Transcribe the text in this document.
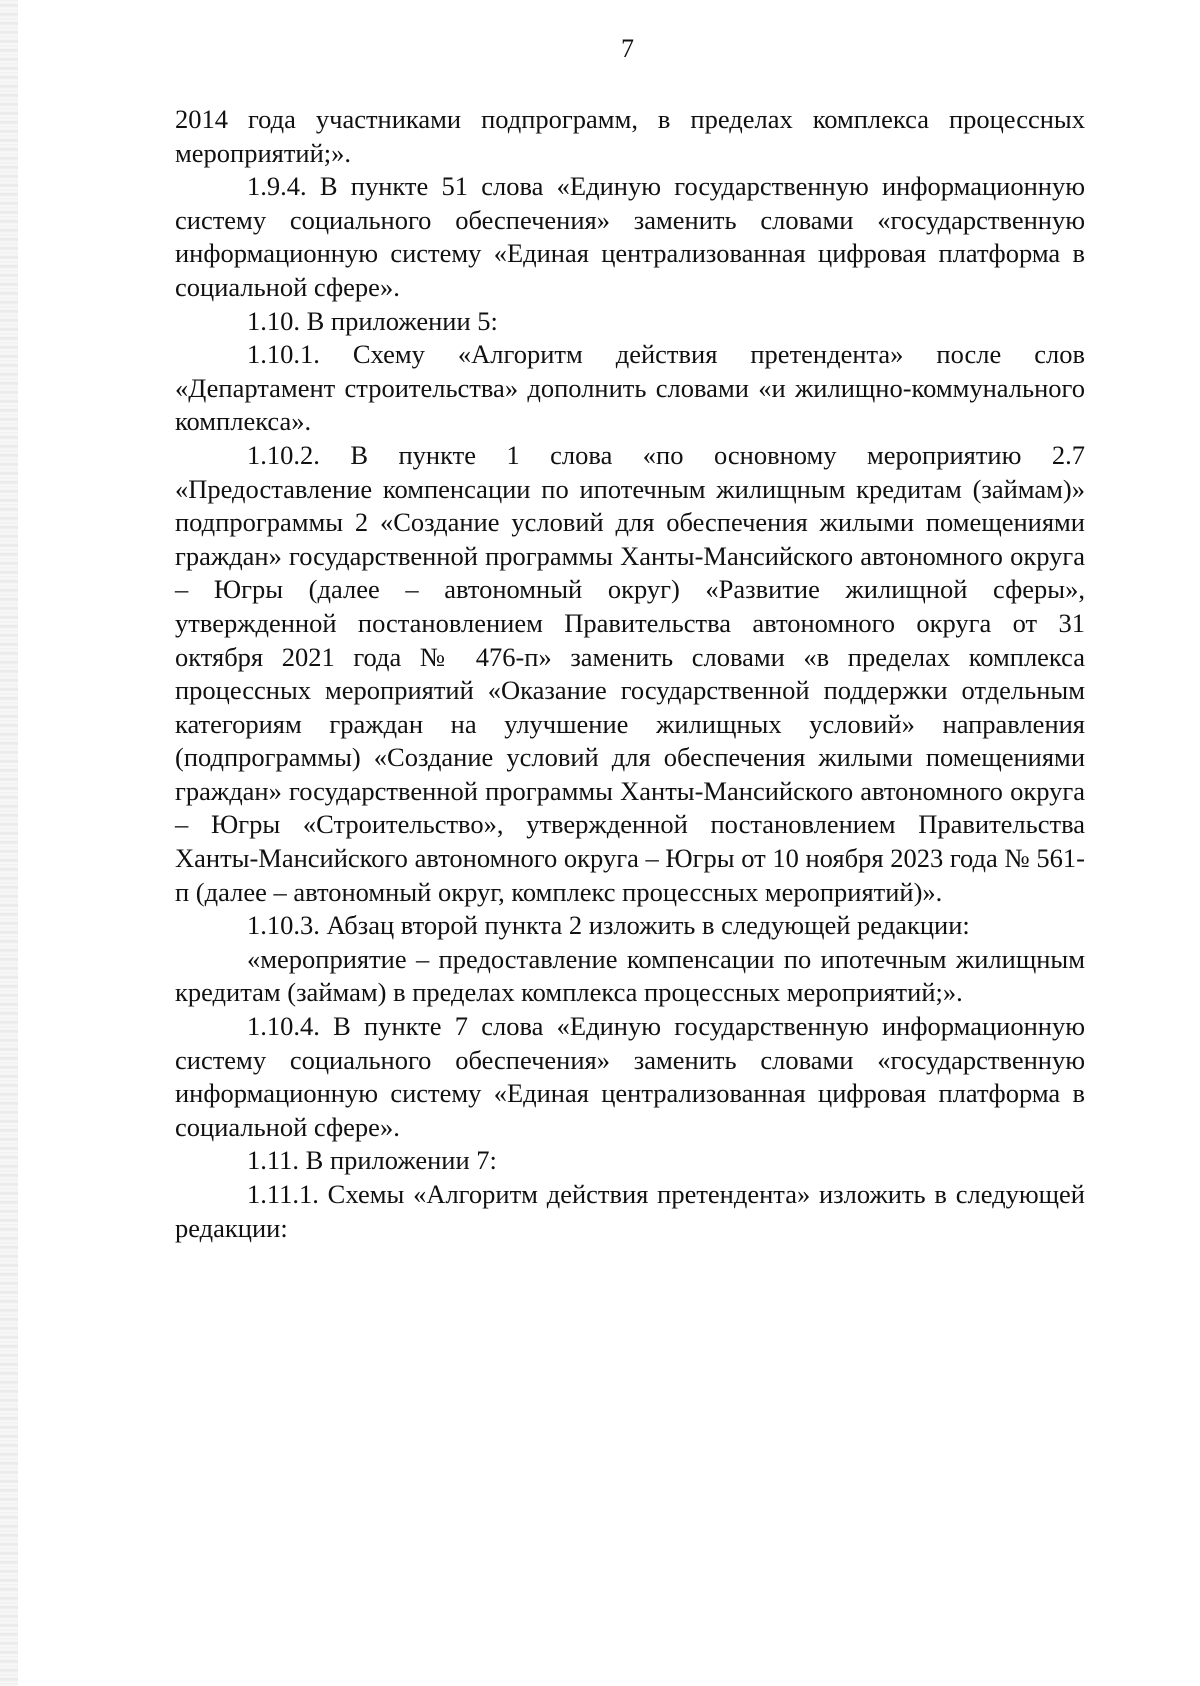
7

2014 года участниками подпрограмм, в пределах комплекса процессных мероприятий;».

1.9.4. В пункте 51 слова «Единую государственную информационную систему социального обеспечения» заменить словами «государственную информационную систему «Единая централизованная цифровая платформа в социальной сфере».

1.10. В приложении 5:

1.10.1. Схему «Алгоритм действия претендента» после слов «Департамент строительства» дополнить словами «и жилищно-коммунального комплекса».

1.10.2. В пункте 1 слова «по основному мероприятию 2.7 «Предоставление компенсации по ипотечным жилищным кредитам (займам)» подпрограммы 2 «Создание условий для обеспечения жилыми помещениями граждан» государственной программы Ханты-Мансийского автономного округа – Югры (далее – автономный округ) «Развитие жилищной сферы», утвержденной постановлением Правительства автономного округа от 31 октября 2021 года № 476-п» заменить словами «в пределах комплекса процессных мероприятий «Оказание государственной поддержки отдельным категориям граждан на улучшение жилищных условий» направления (подпрограммы) «Создание условий для обеспечения жилыми помещениями граждан» государственной программы Ханты-Мансийского автономного округа – Югры «Строительство», утвержденной постановлением Правительства Ханты-Мансийского автономного округа – Югры от 10 ноября 2023 года № 561-п (далее – автономный округ, комплекс процессных мероприятий)».

1.10.3. Абзац второй пункта 2 изложить в следующей редакции:

«мероприятие – предоставление компенсации по ипотечным жилищным кредитам (займам) в пределах комплекса процессных мероприятий;».

1.10.4. В пункте 7 слова «Единую государственную информационную систему социального обеспечения» заменить словами «государственную информационную систему «Единая централизованная цифровая платформа в социальной сфере».

1.11. В приложении 7:

1.11.1. Схемы «Алгоритм действия претендента» изложить в следующей редакции:
